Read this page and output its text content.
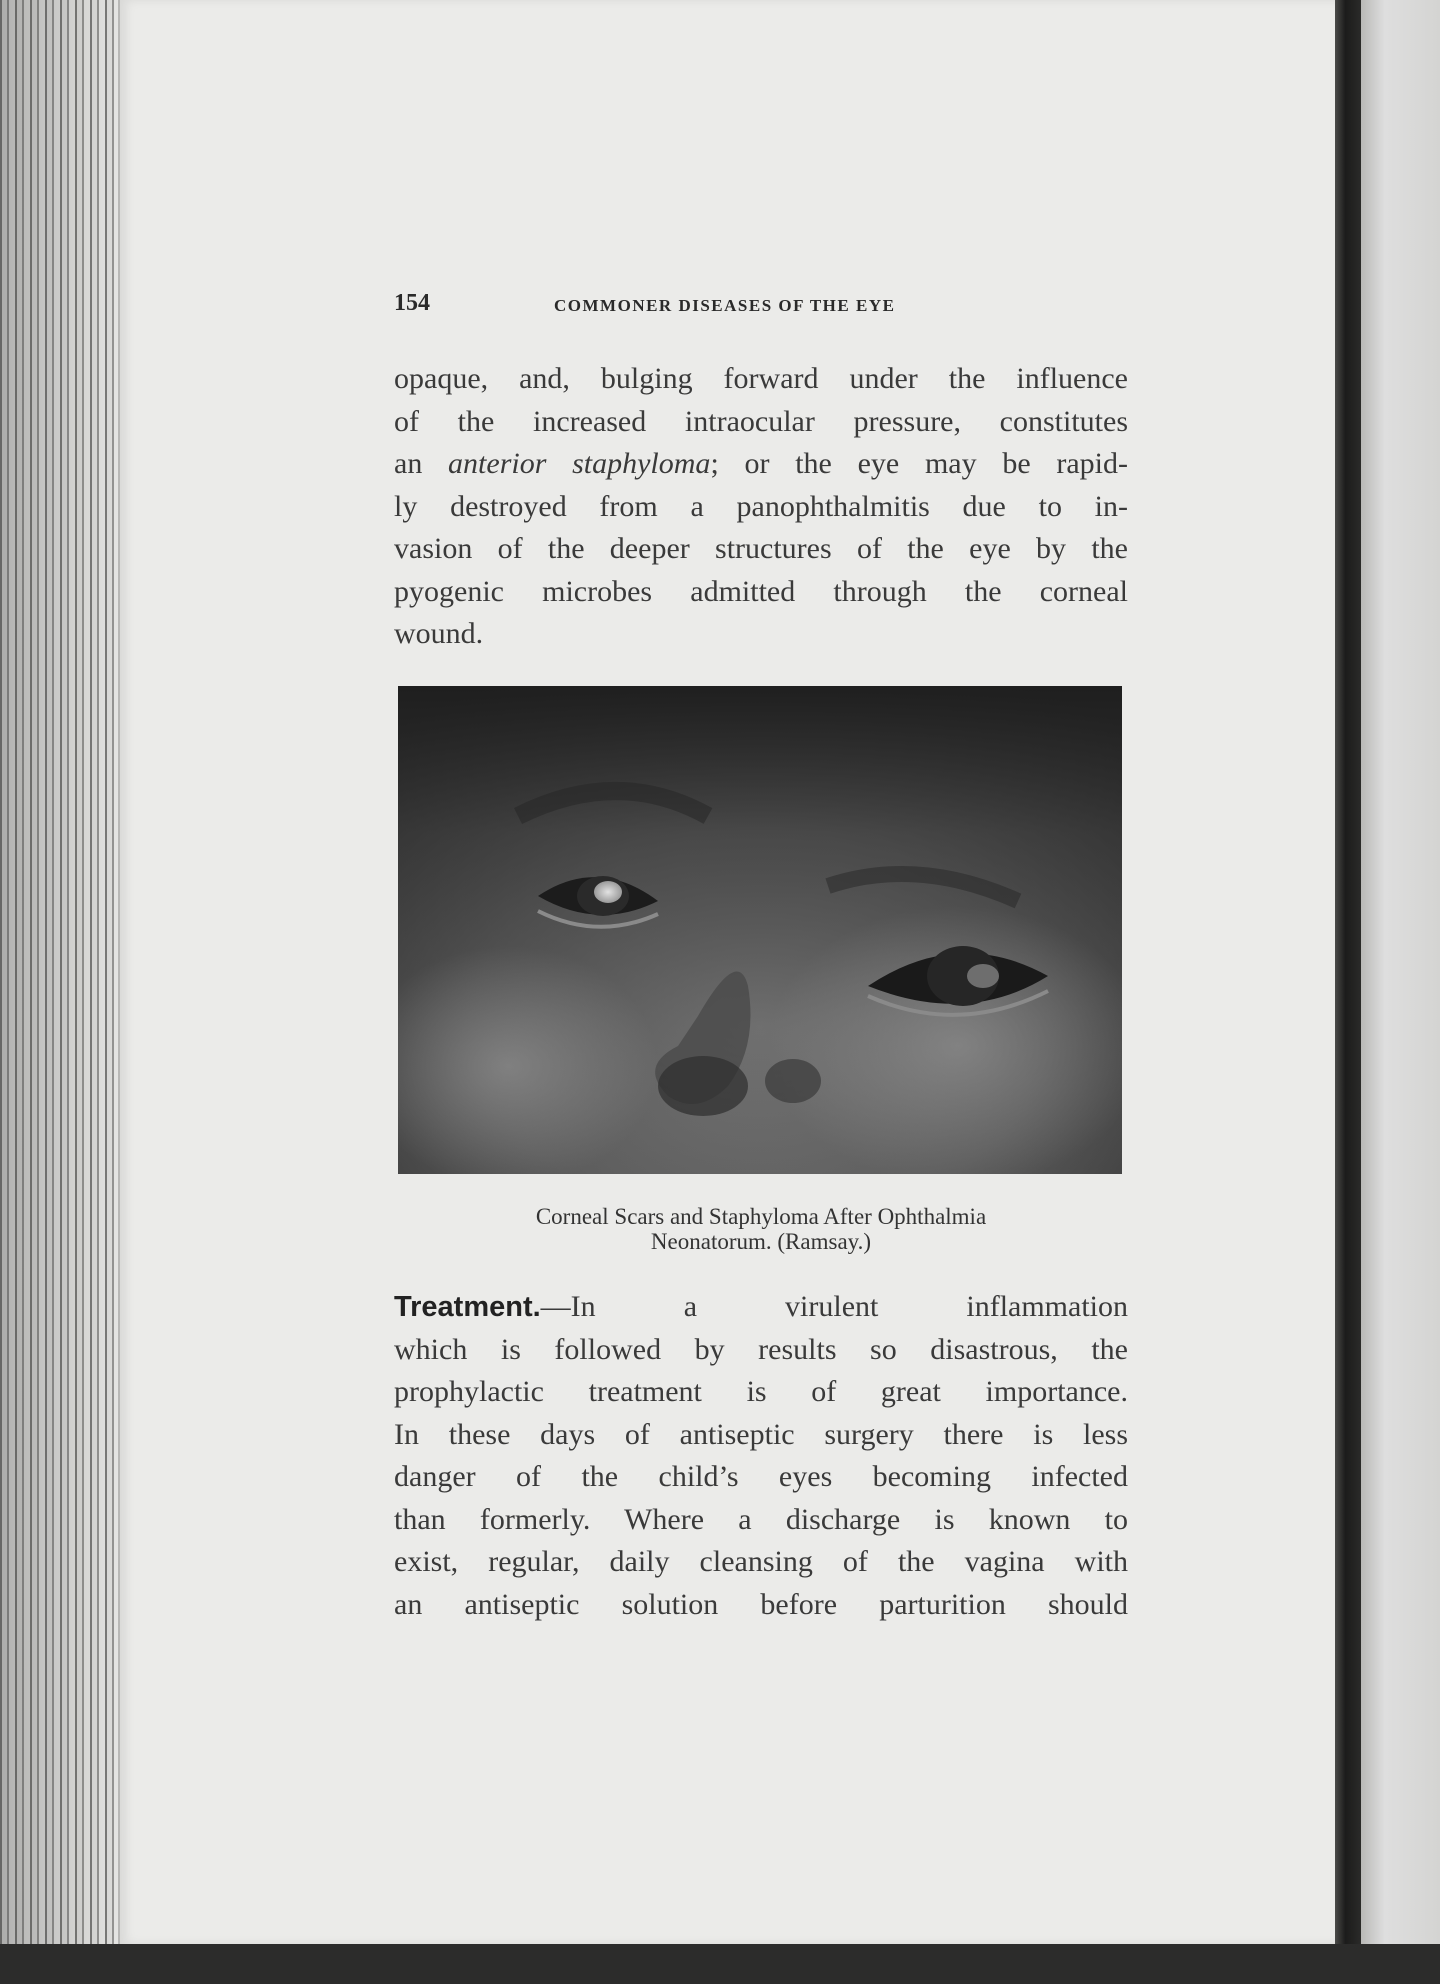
154	COMMONER DISEASES OF THE EYE
opaque, and, bulging forward under the influence
of the increased intraocular pressure, constitutes
an anterior staphyloma; or the eye may be rapid-
ly destroyed from a panophthalmitis due to in-
vasion of the deeper structures of the eye by the
pyogenic microbes admitted through the corneal
wound.
Corneal Scars and Staphyloma After Ophthalmia
Neonatorum. (Ramsay.)
Treatment.—In a virulent inflammation
which is followed by results so disastrous, the
prophylactic treatment is of great importance.
In these days of antiseptic surgery there is less
danger of the child’s eyes becoming infected
than formerly. Where a discharge is known to
exist, regular, daily cleansing of the vagina with
an antiseptic solution before parturition should
